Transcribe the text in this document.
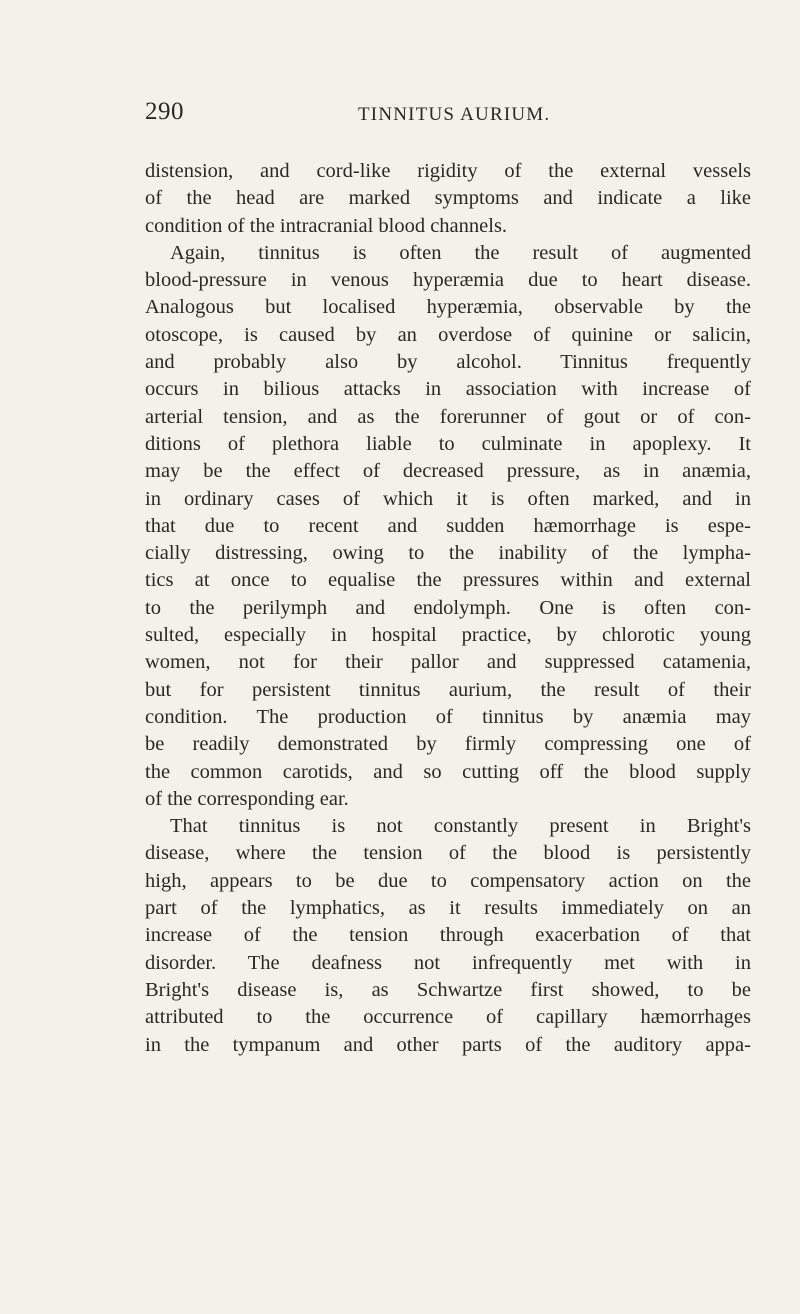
290	TINNITUS AURIUM.
distension, and cord-like rigidity of the external vessels
of the head are marked symptoms and indicate a like
condition of the intracranial blood channels.
Again, tinnitus is often the result of augmented
blood-pressure in venous hyperæmia due to heart disease.
Analogous but localised hyperæmia, observable by the
otoscope, is caused by an overdose of quinine or salicin,
and probably also by alcohol. Tinnitus frequently
occurs in bilious attacks in association with increase of
arterial tension, and as the forerunner of gout or of con-
ditions of plethora liable to culminate in apoplexy. It
may be the effect of decreased pressure, as in anæmia,
in ordinary cases of which it is often marked, and in
that due to recent and sudden hæmorrhage is espe-
cially distressing, owing to the inability of the lympha-
tics at once to equalise the pressures within and external
to the perilymph and endolymph. One is often con-
sulted, especially in hospital practice, by chlorotic young
women, not for their pallor and suppressed catamenia,
but for persistent tinnitus aurium, the result of their
condition. The production of tinnitus by anæmia may
be readily demonstrated by firmly compressing one of
the common carotids, and so cutting off the blood supply
of the corresponding ear.
That tinnitus is not constantly present in Bright's
disease, where the tension of the blood is persistently
high, appears to be due to compensatory action on the
part of the lymphatics, as it results immediately on an
increase of the tension through exacerbation of that
disorder. The deafness not infrequently met with in
Bright's disease is, as Schwartze first showed, to be
attributed to the occurrence of capillary hæmorrhages
in the tympanum and other parts of the auditory appa-
